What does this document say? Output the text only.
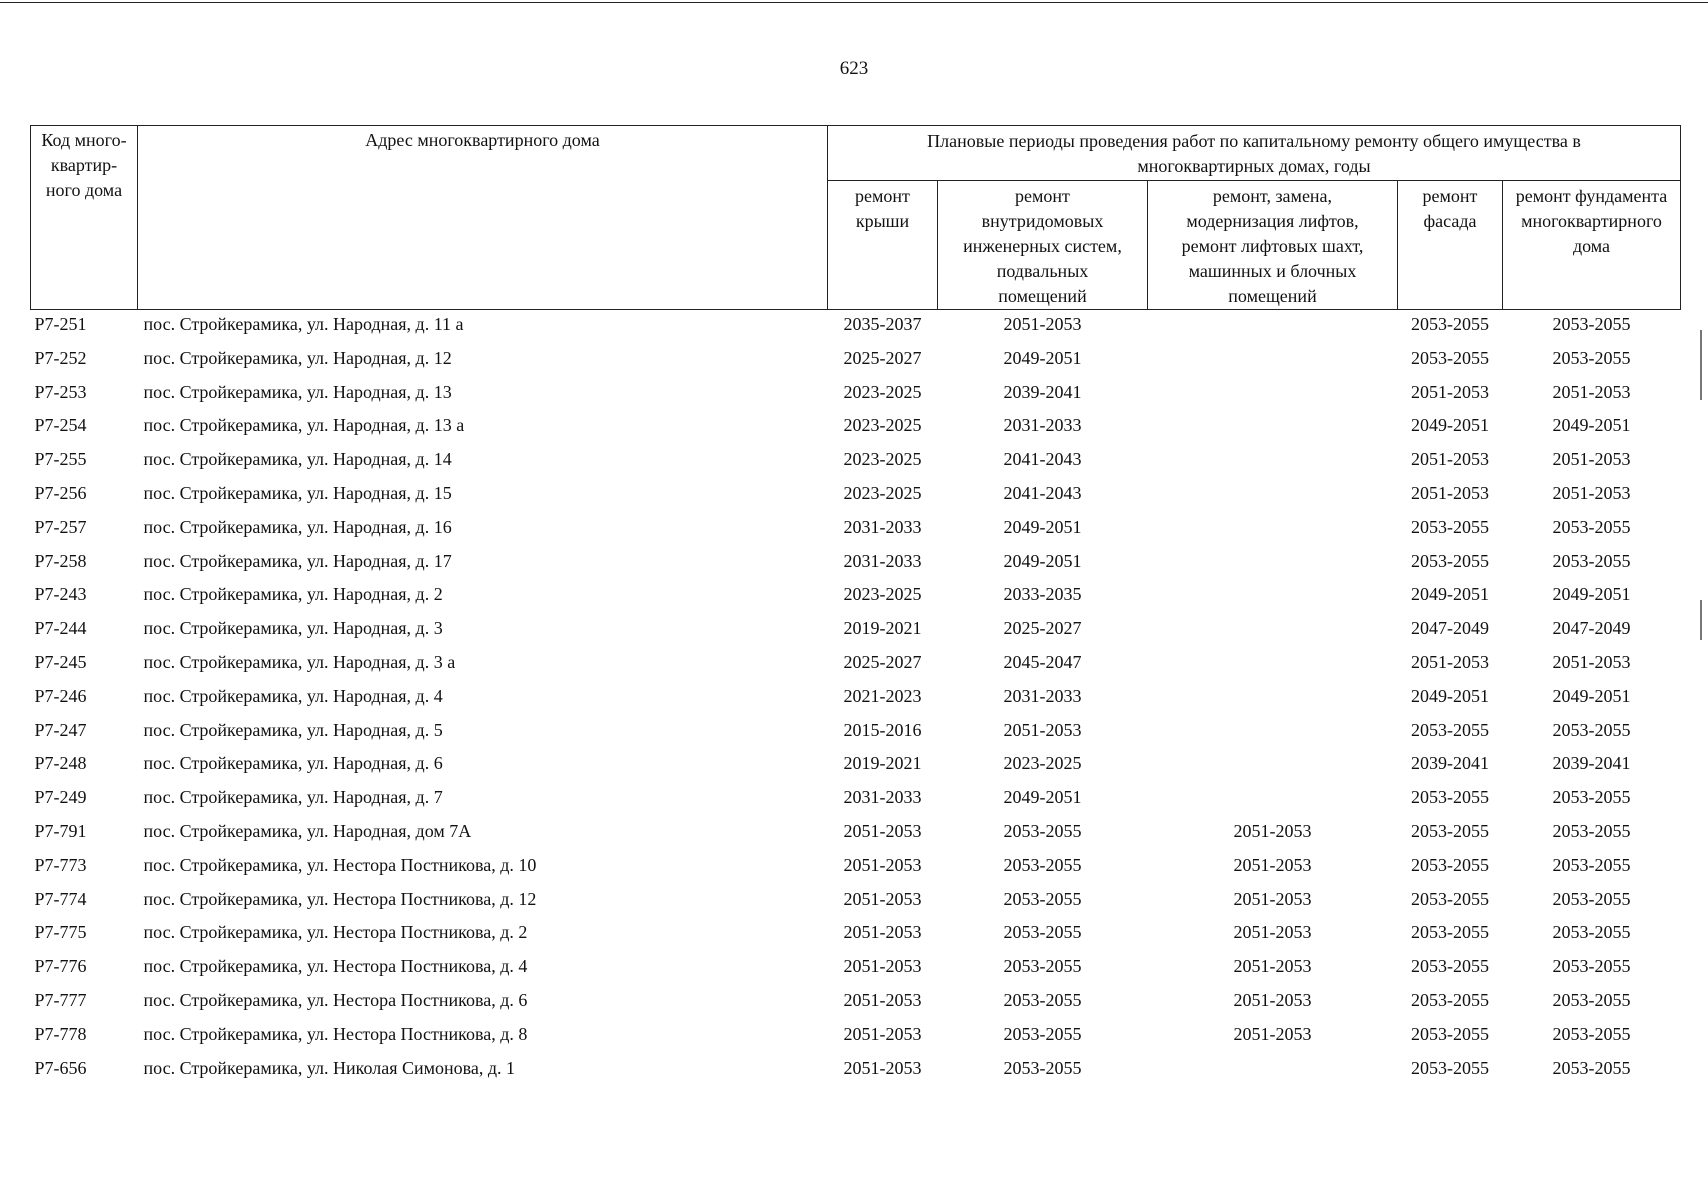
623
Код много-
квартир-
ного дома	Адрес многоквартирного дома	Плановые периоды проведения работ по капитальному ремонту общего имущества в
многоквартирных домах, годы				
		ремонт
крыши	ремонт
внутридомовых
инженерных систем,
подвальных
помещений	ремонт, замена,
модернизация лифтов,
ремонт лифтовых шахт,
машинных и блочных
помещений	ремонт
фасада	ремонт фундамента
многоквартирного
дома
Р7-251	пос. Стройкерамика, ул. Народная, д. 11 а	2035-2037	2051-2053		2053-2055	2053-2055
Р7-252	пос. Стройкерамика, ул. Народная, д. 12	2025-2027	2049-2051		2053-2055	2053-2055
Р7-253	пос. Стройкерамика, ул. Народная, д. 13	2023-2025	2039-2041		2051-2053	2051-2053
Р7-254	пос. Стройкерамика, ул. Народная, д. 13 а	2023-2025	2031-2033		2049-2051	2049-2051
Р7-255	пос. Стройкерамика, ул. Народная, д. 14	2023-2025	2041-2043		2051-2053	2051-2053
Р7-256	пос. Стройкерамика, ул. Народная, д. 15	2023-2025	2041-2043		2051-2053	2051-2053
Р7-257	пос. Стройкерамика, ул. Народная, д. 16	2031-2033	2049-2051		2053-2055	2053-2055
Р7-258	пос. Стройкерамика, ул. Народная, д. 17	2031-2033	2049-2051		2053-2055	2053-2055
Р7-243	пос. Стройкерамика, ул. Народная, д. 2	2023-2025	2033-2035		2049-2051	2049-2051
Р7-244	пос. Стройкерамика, ул. Народная, д. 3	2019-2021	2025-2027		2047-2049	2047-2049
Р7-245	пос. Стройкерамика, ул. Народная, д. 3 а	2025-2027	2045-2047		2051-2053	2051-2053
Р7-246	пос. Стройкерамика, ул. Народная, д. 4	2021-2023	2031-2033		2049-2051	2049-2051
Р7-247	пос. Стройкерамика, ул. Народная, д. 5	2015-2016	2051-2053		2053-2055	2053-2055
Р7-248	пос. Стройкерамика, ул. Народная, д. 6	2019-2021	2023-2025		2039-2041	2039-2041
Р7-249	пос. Стройкерамика, ул. Народная, д. 7	2031-2033	2049-2051		2053-2055	2053-2055
Р7-791	пос. Стройкерамика, ул. Народная, дом 7А	2051-2053	2053-2055	2051-2053	2053-2055	2053-2055
Р7-773	пос. Стройкерамика, ул. Нестора Постникова, д. 10	2051-2053	2053-2055	2051-2053	2053-2055	2053-2055
Р7-774	пос. Стройкерамика, ул. Нестора Постникова, д. 12	2051-2053	2053-2055	2051-2053	2053-2055	2053-2055
Р7-775	пос. Стройкерамика, ул. Нестора Постникова, д. 2	2051-2053	2053-2055	2051-2053	2053-2055	2053-2055
Р7-776	пос. Стройкерамика, ул. Нестора Постникова, д. 4	2051-2053	2053-2055	2051-2053	2053-2055	2053-2055
Р7-777	пос. Стройкерамика, ул. Нестора Постникова, д. 6	2051-2053	2053-2055	2051-2053	2053-2055	2053-2055
Р7-778	пос. Стройкерамика, ул. Нестора Постникова, д. 8	2051-2053	2053-2055	2051-2053	2053-2055	2053-2055
Р7-656	пос. Стройкерамика, ул. Николая Симонова, д. 1	2051-2053	2053-2055		2053-2055	2053-2055
